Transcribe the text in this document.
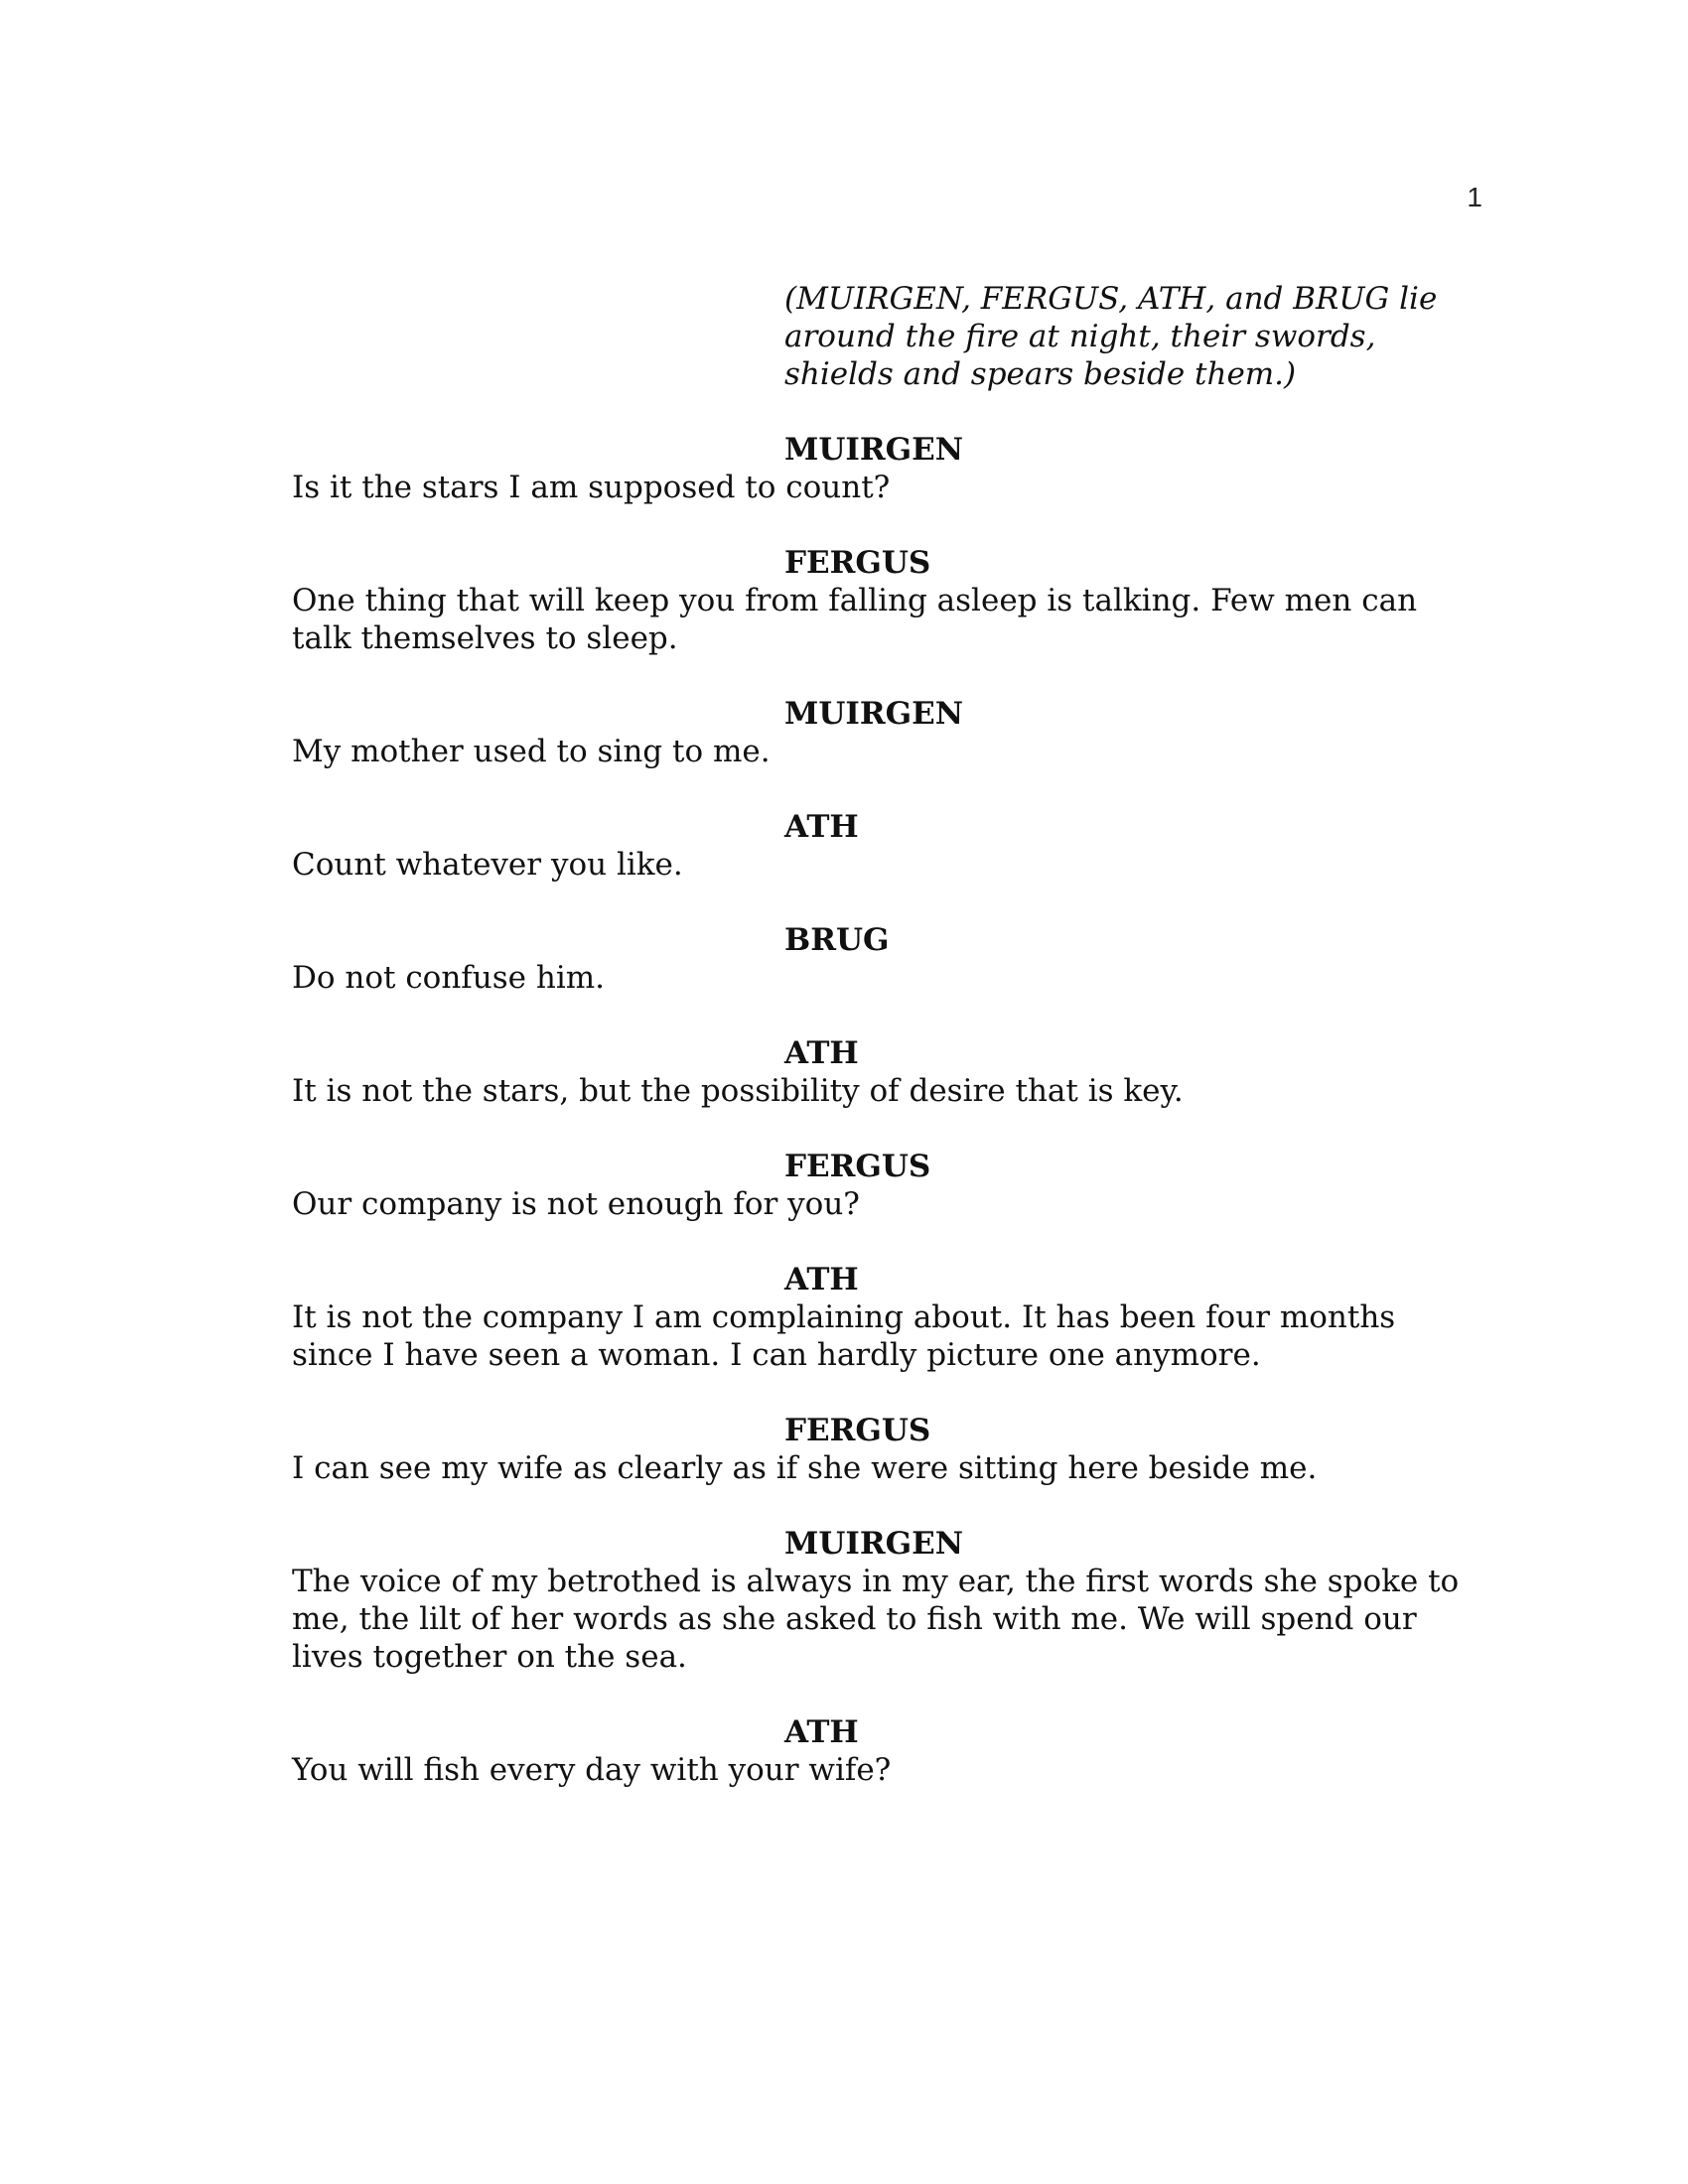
1
(MUIRGEN, FERGUS, ATH, and BRUG lie around the fire at night, their swords, shields and spears beside them.)
MUIRGEN
Is it the stars I am supposed to count?
FERGUS
One thing that will keep you from falling asleep is talking. Few men can talk themselves to sleep.
MUIRGEN
My mother used to sing to me.
ATH
Count whatever you like.
BRUG
Do not confuse him.
ATH
It is not the stars, but the possibility of desire that is key.
FERGUS
Our company is not enough for you?
ATH
It is not the company I am complaining about. It has been four months since I have seen a woman. I can hardly picture one anymore.
FERGUS
I can see my wife as clearly as if she were sitting here beside me.
MUIRGEN
The voice of my betrothed is always in my ear, the first words she spoke to me, the lilt of her words as she asked to fish with me. We will spend our lives together on the sea.
ATH
You will fish every day with your wife?
